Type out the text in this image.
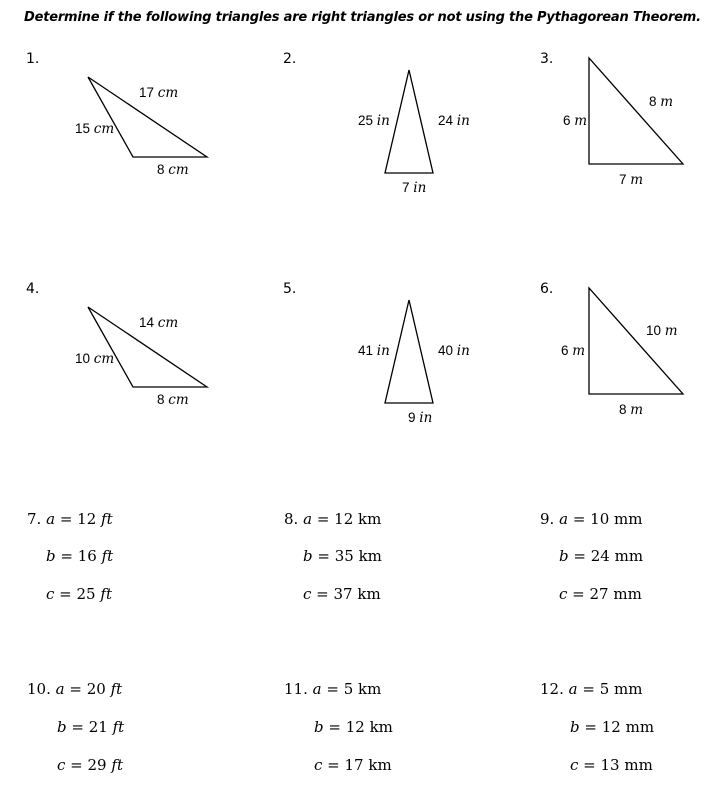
Determine if the following triangles are right triangles or not using the Pythagorean Theorem.
1.	2.	3.
4.	5.	6.
17 cm
15 cm
8 cm
25 in	24 in
7 in
8 m
6 m
7 m
14 cm
10 cm
8 cm
41 in	40 in
9 in
10 m
6 m
8 m
7. a = 12 ft
b = 16 ft
c = 25 ft
8. a = 12 km
b = 35 km
c = 37 km
9. a = 10 mm
b = 24 mm
c = 27 mm
10. a = 20 ft
b = 21 ft
c = 29 ft
11. a = 5 km
b = 12 km
c = 17 km
12. a = 5 mm
b = 12 mm
c = 13 mm
